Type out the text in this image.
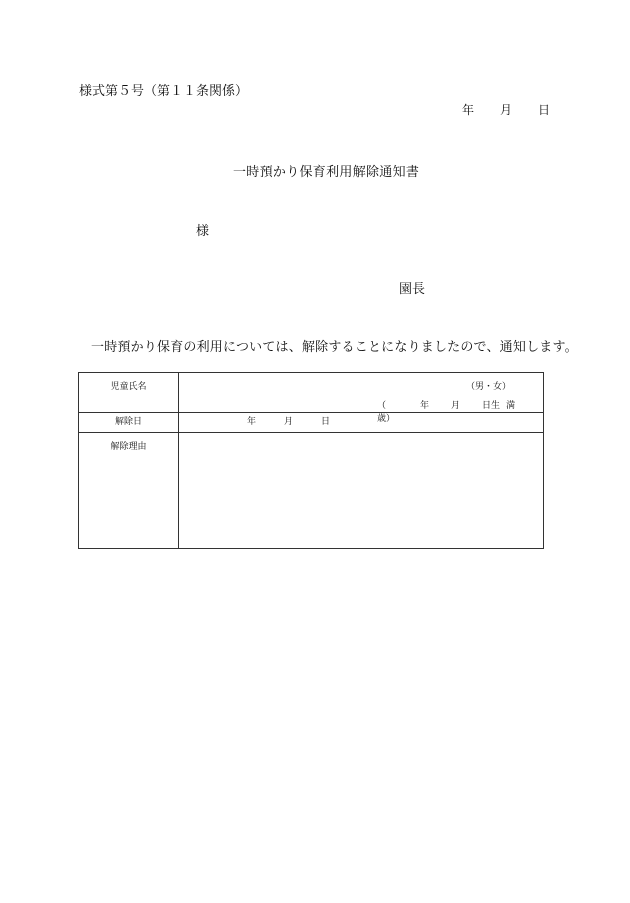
様式第５号（第１１条関係）
年 月 日
一時預かり保育利用解除通知書
様
園長
一時預かり保育の利用については、解除することになりましたので、通知します。
児童氏名	（男・女）
（	年 月 日生 満歳）
解除日	年	月	日
解除理由
